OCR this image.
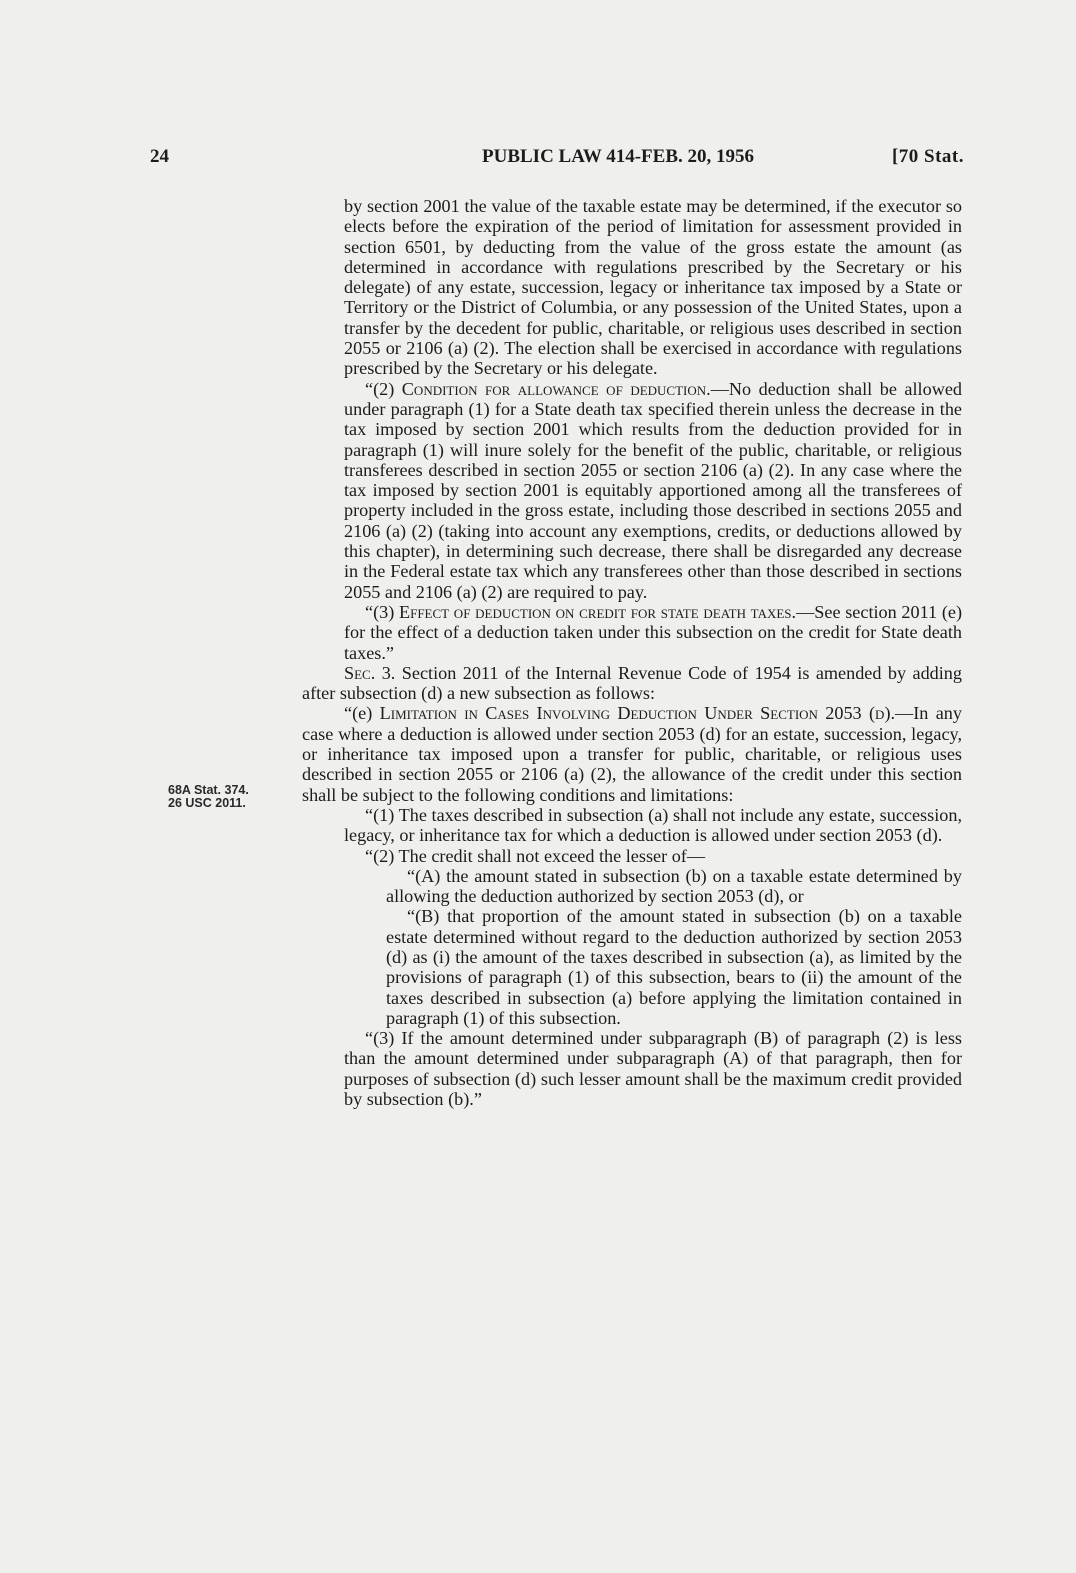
24	PUBLIC LAW 414-FEB. 20, 1956	[70 Stat.
68A Stat. 374.
26 USC 2011.

by section 2001 the value of the taxable estate may be determined, if the executor so elects before the expiration of the period of limitation for assessment provided in section 6501, by deducting from the value of the gross estate the amount (as determined in accordance with regulations prescribed by the Secretary or his delegate) of any estate, succession, legacy or inheritance tax imposed by a State or Territory or the District of Columbia, or any possession of the United States, upon a transfer by the decedent for public, charitable, or religious uses described in section 2055 or 2106 (a) (2). The election shall be exercised in accordance with regulations prescribed by the Secretary or his delegate.

“(2) Condition for allowance of deduction.—No deduction shall be allowed under paragraph (1) for a State death tax specified therein unless the decrease in the tax imposed by section 2001 which results from the deduction provided for in paragraph (1) will inure solely for the benefit of the public, charitable, or religious transferees described in section 2055 or section 2106 (a) (2). In any case where the tax imposed by section 2001 is equitably apportioned among all the transferees of property included in the gross estate, including those described in sections 2055 and 2106 (a) (2) (taking into account any exemptions, credits, or deductions allowed by this chapter), in determining such decrease, there shall be disregarded any decrease in the Federal estate tax which any transferees other than those described in sections 2055 and 2106 (a) (2) are required to pay.

“(3) Effect of deduction on credit for state death taxes.—See section 2011 (e) for the effect of a deduction taken under this subsection on the credit for State death taxes.”

Sec. 3. Section 2011 of the Internal Revenue Code of 1954 is amended by adding after subsection (d) a new subsection as follows:

“(e) Limitation in Cases Involving Deduction Under Section 2053 (d).—In any case where a deduction is allowed under section 2053 (d) for an estate, succession, legacy, or inheritance tax imposed upon a transfer for public, charitable, or religious uses described in section 2055 or 2106 (a) (2), the allowance of the credit under this section shall be subject to the following conditions and limitations:

“(1) The taxes described in subsection (a) shall not include any estate, succession, legacy, or inheritance tax for which a deduction is allowed under section 2053 (d).

“(2) The credit shall not exceed the lesser of—

“(A) the amount stated in subsection (b) on a taxable estate determined by allowing the deduction authorized by section 2053 (d), or

“(B) that proportion of the amount stated in subsection (b) on a taxable estate determined without regard to the deduction authorized by section 2053 (d) as (i) the amount of the taxes described in subsection (a), as limited by the provisions of paragraph (1) of this subsection, bears to (ii) the amount of the taxes described in subsection (a) before applying the limitation contained in paragraph (1) of this subsection.

“(3) If the amount determined under subparagraph (B) of paragraph (2) is less than the amount determined under subparagraph (A) of that paragraph, then for purposes of subsection (d) such lesser amount shall be the maximum credit provided by subsection (b).”
